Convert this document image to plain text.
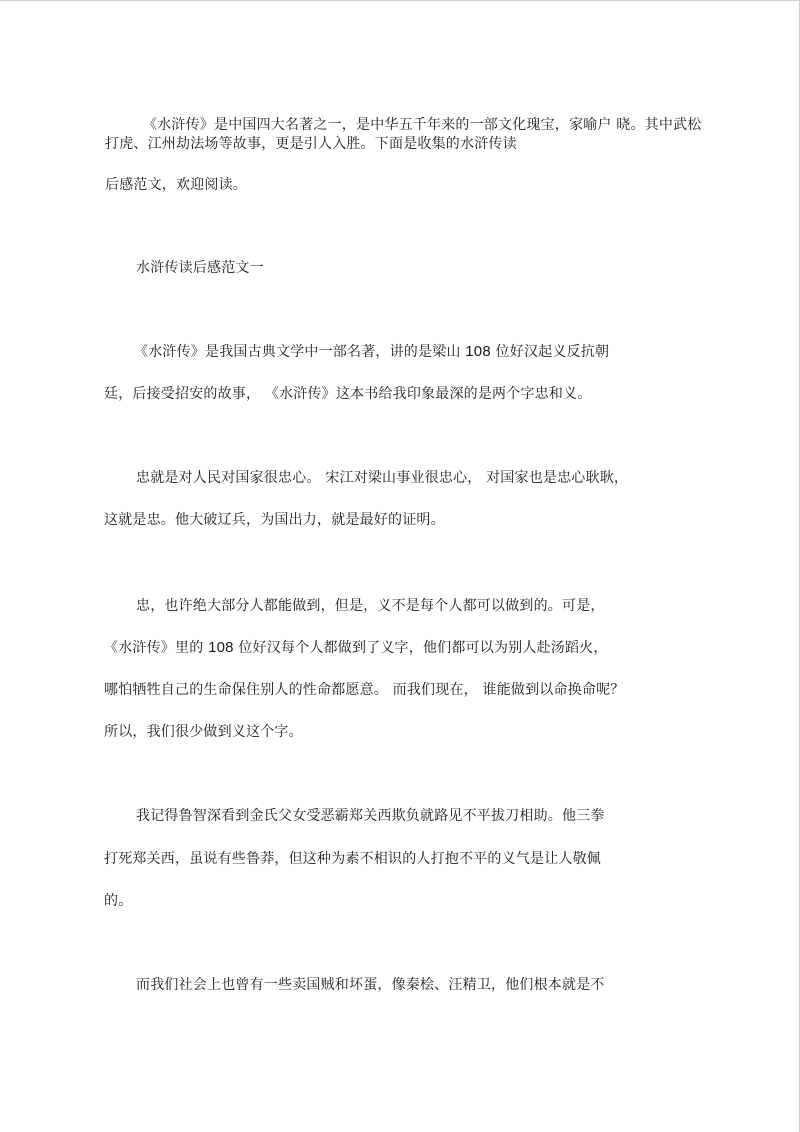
《水浒传》是中国四大名著之一，是中华五千年来的一部文化瑰宝，家喻户 晓。其中武松
打虎、江州劫法场等故事，更是引人入胜。下面是收集的水浒传读
后感范文，欢迎阅读。
水浒传读后感范文一
《水浒传》是我国古典文学中一部名著，讲的是梁山 108 位好汉起义反抗朝
廷，后接受招安的故事， 《水浒传》这本书给我印象最深的是两个字忠和义。
忠就是对人民对国家很忠心。 宋江对梁山事业很忠心， 对国家也是忠心耿耿，
这就是忠。他大破辽兵，为国出力，就是最好的证明。
忠，也许绝大部分人都能做到，但是，义不是每个人都可以做到的。可是，
《水浒传》里的 108 位好汉每个人都做到了义字，他们都可以为别人赴汤蹈火，
哪怕牺牲自己的生命保住别人的性命都愿意。 而我们现在， 谁能做到以命换命呢？
所以，我们很少做到义这个字。
我记得鲁智深看到金氏父女受恶霸郑关西欺负就路见不平拔刀相助。他三拳
打死郑关西，虽说有些鲁莽，但这种为素不相识的人打抱不平的义气是让人敬佩
的。
而我们社会上也曾有一些卖国贼和坏蛋，像秦桧、汪精卫，他们根本就是不
